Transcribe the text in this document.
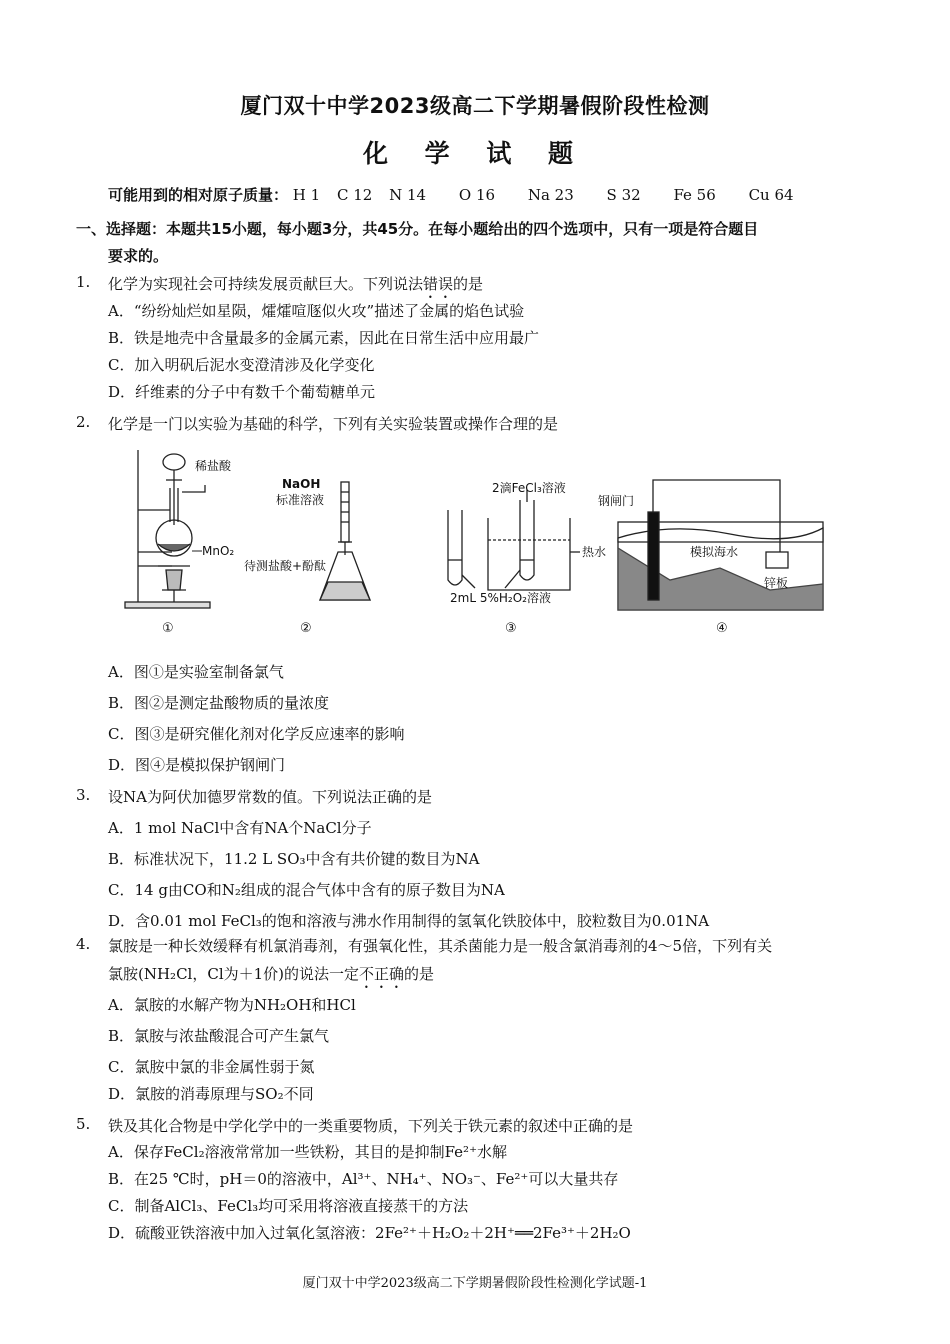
厦门双十中学2023级高二下学期暑假阶段性检测
化 学 试 题
可能用到的相对原子质量： H 1 C 12 N 14 O 16 Na 23 S 32 Fe 56 Cu 64
一、选择题：本题共15小题，每小题3分，共45分。在每小题给出的四个选项中，只有一项是符合题目
要求的。
1. 化学为实现社会可持续发展贡献巨大。下列说法错误的是
A．“纷纷灿烂如星陨，㸌㸌喧豗似火攻”描述了金属的焰色试验
B．铁是地壳中含量最多的金属元素，因此在日常生活中应用最广
C．加入明矾后泥水变澄清涉及化学变化
D．纤维素的分子中有数千个葡萄糖单元
2. 化学是一门以实验为基础的科学，下列有关实验装置或操作合理的是
稀盐酸
MnO₂
①
NaOH
标准溶液
待测盐酸+酚酞
②
2滴FeCl₃溶液
热水
2mL 5%H₂O₂溶液
③
钢闸门
模拟海水
锌板
④
A．图①是实验室制备氯气
B．图②是测定盐酸物质的量浓度
C．图③是研究催化剂对化学反应速率的影响
D．图④是模拟保护钢闸门
3. 设NA为阿伏加德罗常数的值。下列说法正确的是
A．1 mol NaCl中含有NA个NaCl分子
B．标准状况下，11.2 L SO₃中含有共价键的数目为NA
C．14 g由CO和N₂组成的混合气体中含有的原子数目为NA
D．含0.01 mol FeCl₃的饱和溶液与沸水作用制得的氢氧化铁胶体中，胶粒数目为0.01NA
4. 氯胺是一种长效缓释有机氯消毒剂，有强氧化性，其杀菌能力是一般含氯消毒剂的4～5倍，下列有关
氯胺(NH₂Cl，Cl为＋1价)的说法一定不正确的是
A．氯胺的水解产物为NH₂OH和HCl
B．氯胺与浓盐酸混合可产生氯气
C．氯胺中氯的非金属性弱于氮
D．氯胺的消毒原理与SO₂不同
5. 铁及其化合物是中学化学中的一类重要物质，下列关于铁元素的叙述中正确的是
A．保存FeCl₂溶液常常加一些铁粉，其目的是抑制Fe²⁺水解
B．在25 ℃时，pH＝0的溶液中，Al³⁺、NH₄⁺、NO₃⁻、Fe²⁺可以大量共存
C．制备AlCl₃、FeCl₃均可采用将溶液直接蒸干的方法
D．硫酸亚铁溶液中加入过氧化氢溶液：2Fe²⁺＋H₂O₂＋2H⁺══2Fe³⁺＋2H₂O
厦门双十中学2023级高二下学期暑假阶段性检测化学试题-1
